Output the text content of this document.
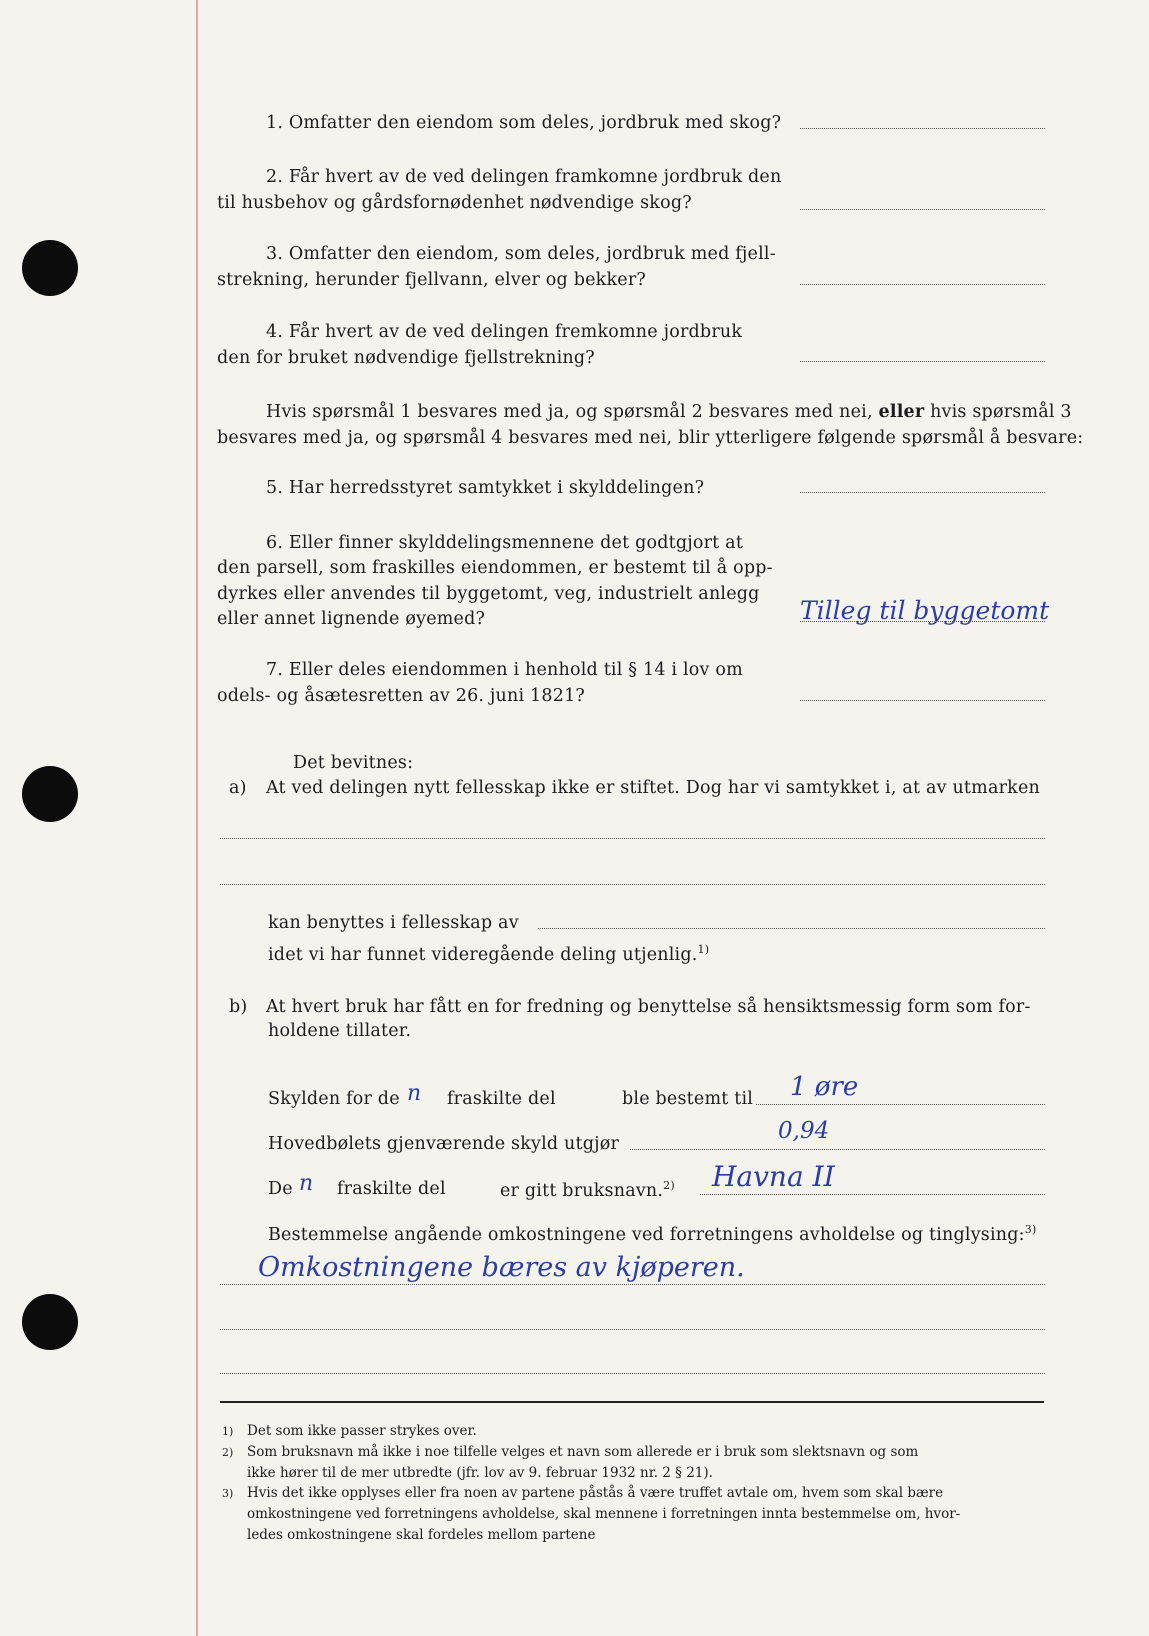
1. Omfatter den eiendom som deles, jordbruk med skog?
2. Får hvert av de ved delingen framkomne jordbruk den
til husbehov og gårdsfornødenhet nødvendige skog?
3. Omfatter den eiendom, som deles, jordbruk med fjell-
strekning, herunder fjellvann, elver og bekker?
4. Får hvert av de ved delingen fremkomne jordbruk
den for bruket nødvendige fjellstrekning?
Hvis spørsmål 1 besvares med ja, og spørsmål 2 besvares med nei, eller hvis spørsmål 3
besvares med ja, og spørsmål 4 besvares med nei, blir ytterligere følgende spørsmål å besvare:
5. Har herredsstyret samtykket i skylddelingen?
6. Eller finner skylddelingsmennene det godtgjort at
den parsell, som fraskilles eiendommen, er bestemt til å opp-
dyrkes eller anvendes til byggetomt, veg, industrielt anlegg
eller annet lignende øyemed?	Tilleg til byggetomt
7. Eller deles eiendommen i henhold til § 14 i lov om
odels- og åsætesretten av 26. juni 1821?
Det bevitnes:
a) At ved delingen nytt fellesskap ikke er stiftet. Dog har vi samtykket i, at av utmarken
kan benyttes i fellesskap av
idet vi har funnet videregående deling utjenlig.$^{1)}$
b) At hvert bruk har fått en for fredning og benyttelse så hensiktsmessig form som for-
holdene tillater.
Skylden for de n fraskilte del	ble bestemt til 1 øre
Hovedbølets gjenværende skyld utgjør	0,94
De n fraskilte del	er gitt bruksnavn.$^{2)}$ Havna II
Bestemmelse angående omkostningene ved forretningens avholdelse og tinglysing:$^{3)}$
Omkostningene bæres av kjøperen.
1) Det som ikke passer strykes over.
2) Som bruksnavn må ikke i noe tilfelle velges et navn som allerede er i bruk som slektsnavn og som
ikke hører til de mer utbredte (jfr. lov av 9. februar 1932 nr. 2 § 21).
3) Hvis det ikke opplyses eller fra noen av partene påstås å være truffet avtale om, hvem som skal bære
omkostningene ved forretningens avholdelse, skal mennene i forretningen innta bestemmelse om, hvor-
ledes omkostningene skal fordeles mellom partene
